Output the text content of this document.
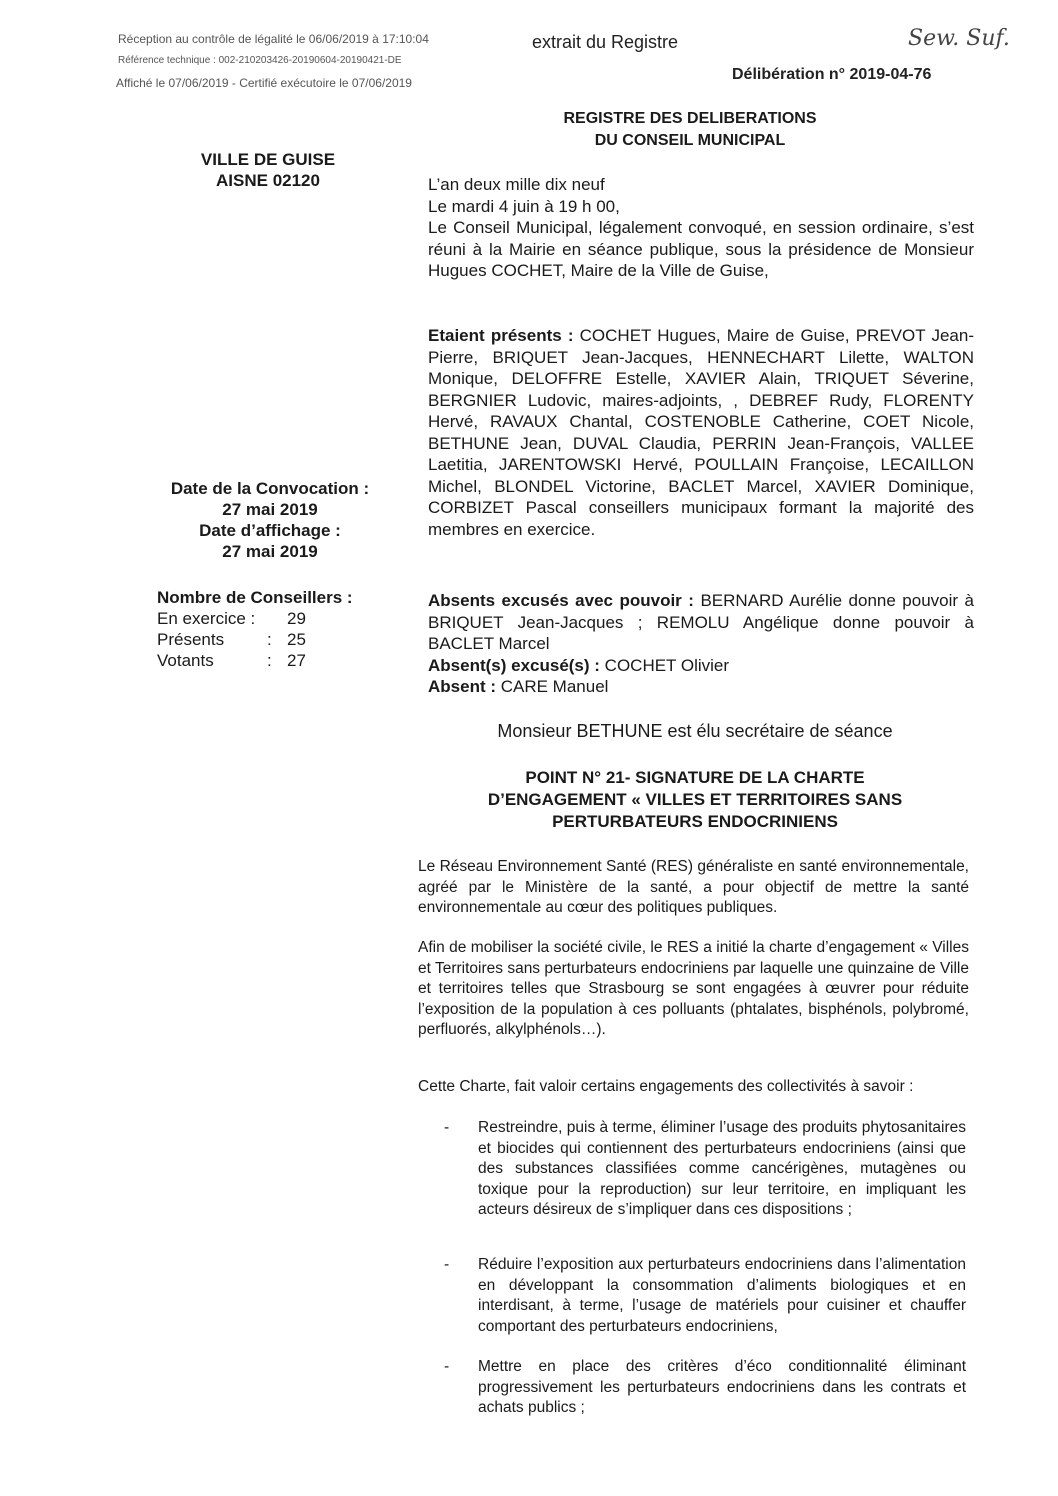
Réception au contrôle de légalité le 06/06/2019 à 17:10:04
Référence technique : 002-210203426-20190604-20190421-DE
Affiché le 07/06/2019 - Certifié exécutoire le 07/06/2019
extrait du Registre	Sew. Suf.
Délibération n° 2019-04-76
REGISTRE DES DELIBERATIONS
DU CONSEIL MUNICIPAL
VILLE DE GUISE
AISNE 02120
Date de la Convocation :
27 mai 2019
Date d’affichage :
27 mai 2019
Nombre de Conseillers :
En exercice :	29
Présents	: 25
Votants	: 27
L’an deux mille dix neuf
Le mardi 4 juin à 19 h 00,
Le Conseil Municipal, légalement convoqué, en session ordinaire, s’est réuni à la Mairie en séance publique, sous la présidence de Monsieur Hugues COCHET, Maire de la Ville de Guise,
Etaient présents : COCHET Hugues, Maire de Guise, PREVOT Jean-Pierre, BRIQUET Jean-Jacques, HENNECHART Lilette, WALTON Monique, DELOFFRE Estelle, XAVIER Alain, TRIQUET Séverine, BERGNIER Ludovic, maires-adjoints, , DEBREF Rudy, FLORENTY Hervé, RAVAUX Chantal, COSTENOBLE Catherine, COET Nicole, BETHUNE Jean, DUVAL Claudia, PERRIN Jean-François, VALLEE Laetitia, JARENTOWSKI Hervé, POULLAIN Françoise, LECAILLON Michel, BLONDEL Victorine, BACLET Marcel, XAVIER Dominique, CORBIZET Pascal conseillers municipaux formant la majorité des membres en exercice.
Absents excusés avec pouvoir : BERNARD Aurélie donne pouvoir à BRIQUET Jean-Jacques ; REMOLU Angélique donne pouvoir à BACLET Marcel
Absent(s) excusé(s) : COCHET Olivier
Absent : CARE Manuel
Monsieur BETHUNE est élu secrétaire de séance
POINT N° 21- SIGNATURE DE LA CHARTE
D’ENGAGEMENT « VILLES ET TERRITOIRES SANS
PERTURBATEURS ENDOCRINIENS
Le Réseau Environnement Santé (RES) généraliste en santé environnementale, agréé par le Ministère de la santé, a pour objectif de mettre la santé environnementale au cœur des politiques publiques.
Afin de mobiliser la société civile, le RES a initié la charte d’engagement « Villes et Territoires sans perturbateurs endocriniens par laquelle une quinzaine de Ville et territoires telles que Strasbourg se sont engagées à œuvrer pour réduite l’exposition de la population à ces polluants (phtalates, bisphénols, polybromé, perfluorés, alkylphénols…).
Cette Charte, fait valoir certains engagements des collectivités à savoir :
-	Restreindre, puis à terme, éliminer l’usage des produits phytosanitaires et biocides qui contiennent des perturbateurs endocriniens (ainsi que des substances classifiées comme cancérigènes, mutagènes ou toxique pour la reproduction) sur leur territoire, en impliquant les acteurs désireux de s’impliquer dans ces dispositions ;
-	Réduire l’exposition aux perturbateurs endocriniens dans l’alimentation en développant la consommation d’aliments biologiques et en interdisant, à terme, l’usage de matériels pour cuisiner et chauffer comportant des perturbateurs endocriniens,
-	Mettre en place des critères d’éco conditionnalité éliminant progressivement les perturbateurs endocriniens dans les contrats et achats publics ;
